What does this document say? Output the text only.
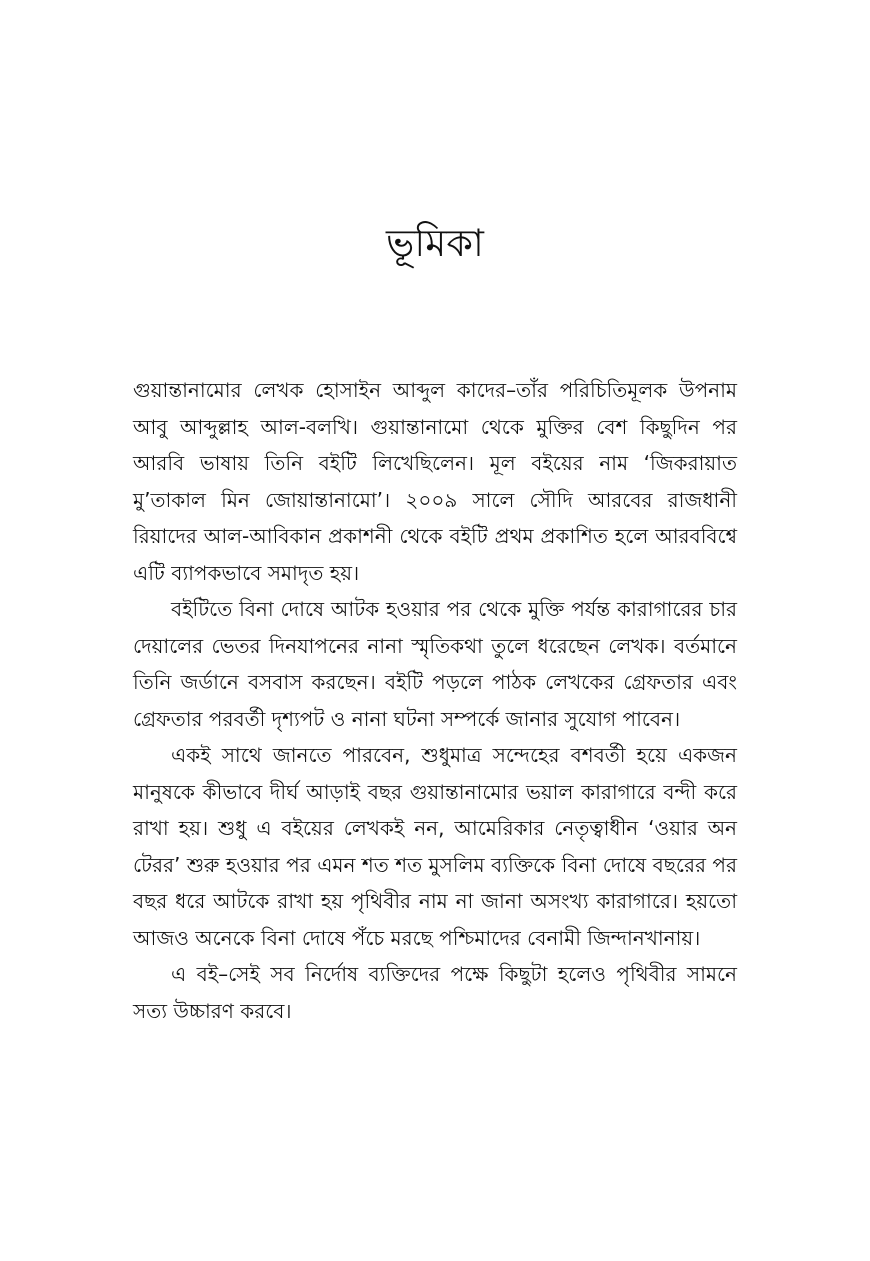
ভূমিকা

গুয়ান্তানামোর লেখক হোসাইন আব্দুল কাদের–তাঁর পরিচিতিমূলক উপনাম আবু আব্দুল্লাহ আল-বলখি। গুয়ান্তানামো থেকে মুক্তির বেশ কিছুদিন পর আরবি ভাষায় তিনি বইটি লিখেছিলেন। মূল বইয়ের নাম ‘জিকরায়াত মু’তাকাল মিন জোয়ান্তানামো’। ২০০৯ সালে সৌদি আরবের রাজধানী রিয়াদের আল-আবিকান প্রকাশনী থেকে বইটি প্রথম প্রকাশিত হলে আরববিশ্বে এটি ব্যাপকভাবে সমাদৃত হয়।

বইটিতে বিনা দোষে আটক হওয়ার পর থেকে মুক্তি পর্যন্ত কারাগারের চার দেয়ালের ভেতর দিনযাপনের নানা স্মৃতিকথা তুলে ধরেছেন লেখক। বর্তমানে তিনি জর্ডানে বসবাস করছেন। বইটি পড়লে পাঠক লেখকের গ্রেফতার এবং গ্রেফতার পরবর্তী দৃশ্যপট ও নানা ঘটনা সম্পর্কে জানার সুযোগ পাবেন।

একই সাথে জানতে পারবেন, শুধুমাত্র সন্দেহের বশবর্তী হয়ে একজন মানুষকে কীভাবে দীর্ঘ আড়াই বছর গুয়ান্তানামোর ভয়াল কারাগারে বন্দী করে রাখা হয়। শুধু এ বইয়ের লেখকই নন, আমেরিকার নেতৃত্বাধীন ‘ওয়ার অন টেরর’ শুরু হওয়ার পর এমন শত শত মুসলিম ব্যক্তিকে বিনা দোষে বছরের পর বছর ধরে আটকে রাখা হয় পৃথিবীর নাম না জানা অসংখ্য কারাগারে। হয়তো আজও অনেকে বিনা দোষে পঁচে মরছে পশ্চিমাদের বেনামী জিন্দানখানায়।

এ বই–সেই সব নির্দোষ ব্যক্তিদের পক্ষে কিছুটা হলেও পৃথিবীর সামনে সত্য উচ্চারণ করবে।
